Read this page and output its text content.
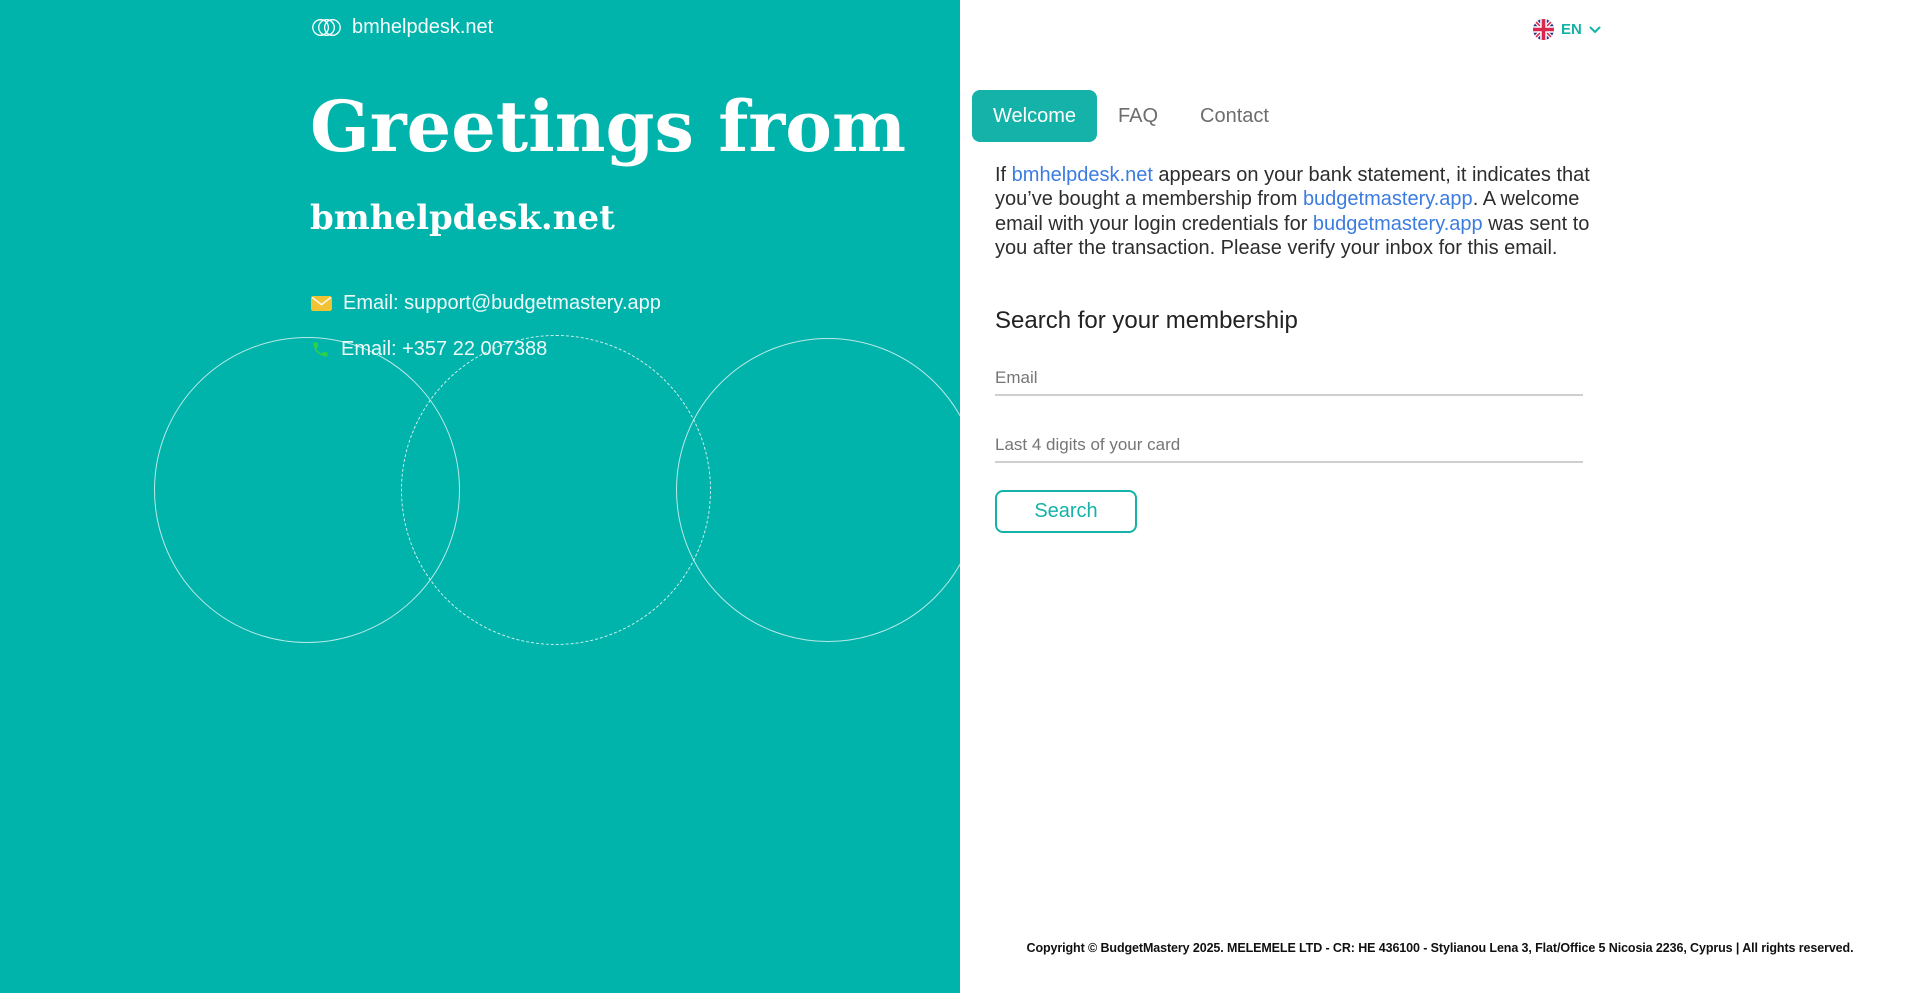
bmhelpdesk.net
Greetings from
bmhelpdesk.net
Email: support@budgetmastery.app
Email: +357 22 007388
EN
Welcome	FAQ	Contact

If bmhelpdesk.net appears on your bank statement, it indicates that you’ve bought a membership from budgetmastery.app. A welcome email with your login credentials for budgetmastery.app was sent to you after the transaction. Please verify your inbox for this email.

Search for your membership
Email
Last 4 digits of your card
Search
Copyright © BudgetMastery 2025. MELEMELE LTD - CR: HE 436100 - Stylianou Lena 3, Flat/Office 5 Nicosia 2236, Cyprus | All rights reserved.
